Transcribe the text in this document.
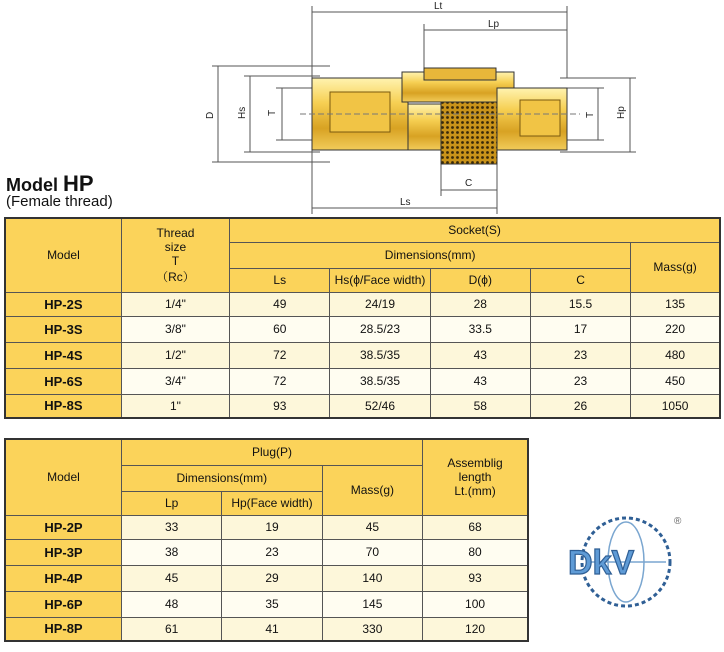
Lt
Lp
D Hs T	T Hp
C
Ls
Model HP
(Female thread)
Model	Thread
size
T
（Rc）	Socket(S)				
		Dimensions(mm)				Mass(g)
		Ls	Hs(ϕ/Face width)	D(ϕ)	C	
HP-2S	1/4"	49	24/19	28	15.5	135
HP-3S	3/8"	60	28.5/23	33.5	17	220
HP-4S	1/2"	72	38.5/35	43	23	480
HP-6S	3/4"	72	38.5/35	43	23	450
HP-8S	1"	93	52/46	58	26	1050
Model	Plug(P)			Assemblig
length
Lt.(mm)

	Dimensions(mm)		Mass(g)	
	Lp	Hp(Face width)		
HP-2P	33	19	45	68
HP-3P	38	23	70	80
HP-4P	45	29	140	93
HP-6P	48	35	145	100
HP-8P	61	41	330	120
DkV
®
